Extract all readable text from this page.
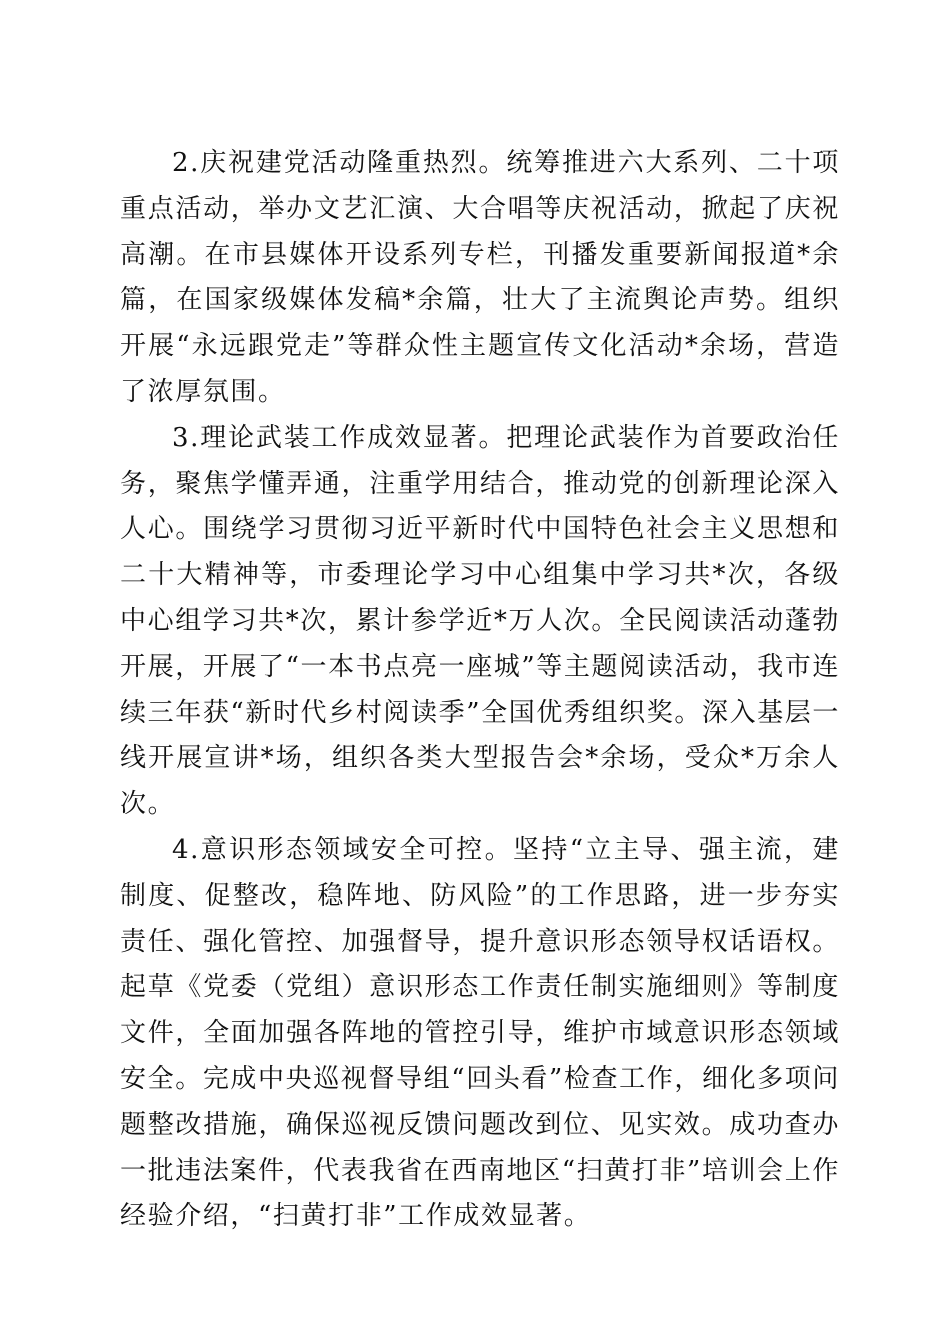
2.庆祝建党活动隆重热烈。统筹推进六大系列、二十项重点活动，举办文艺汇演、大合唱等庆祝活动，掀起了庆祝高潮。在市县媒体开设系列专栏，刊播发重要新闻报道*余篇，在国家级媒体发稿*余篇，壮大了主流舆论声势。组织开展“永远跟党走”等群众性主题宣传文化活动*余场，营造了浓厚氛围。

3.理论武装工作成效显著。把理论武装作为首要政治任务，聚焦学懂弄通，注重学用结合，推动党的创新理论深入人心。围绕学习贯彻习近平新时代中国特色社会主义思想和二十大精神等，市委理论学习中心组集中学习共*次，各级中心组学习共*次，累计参学近*万人次。全民阅读活动蓬勃开展，开展了“一本书点亮一座城”等主题阅读活动，我市连续三年获“新时代乡村阅读季”全国优秀组织奖。深入基层一线开展宣讲*场，组织各类大型报告会*余场，受众*万余人次。

4.意识形态领域安全可控。坚持“立主导、强主流，建制度、促整改，稳阵地、防风险”的工作思路，进一步夯实责任、强化管控、加强督导，提升意识形态领导权话语权。起草《党委（党组）意识形态工作责任制实施细则》等制度文件，全面加强各阵地的管控引导，维护市域意识形态领域安全。完成中央巡视督导组“回头看”检查工作，细化多项问题整改措施，确保巡视反馈问题改到位、见实效。成功查办一批违法案件，代表我省在西南地区“扫黄打非”培训会上作经验介绍，“扫黄打非”工作成效显著。
